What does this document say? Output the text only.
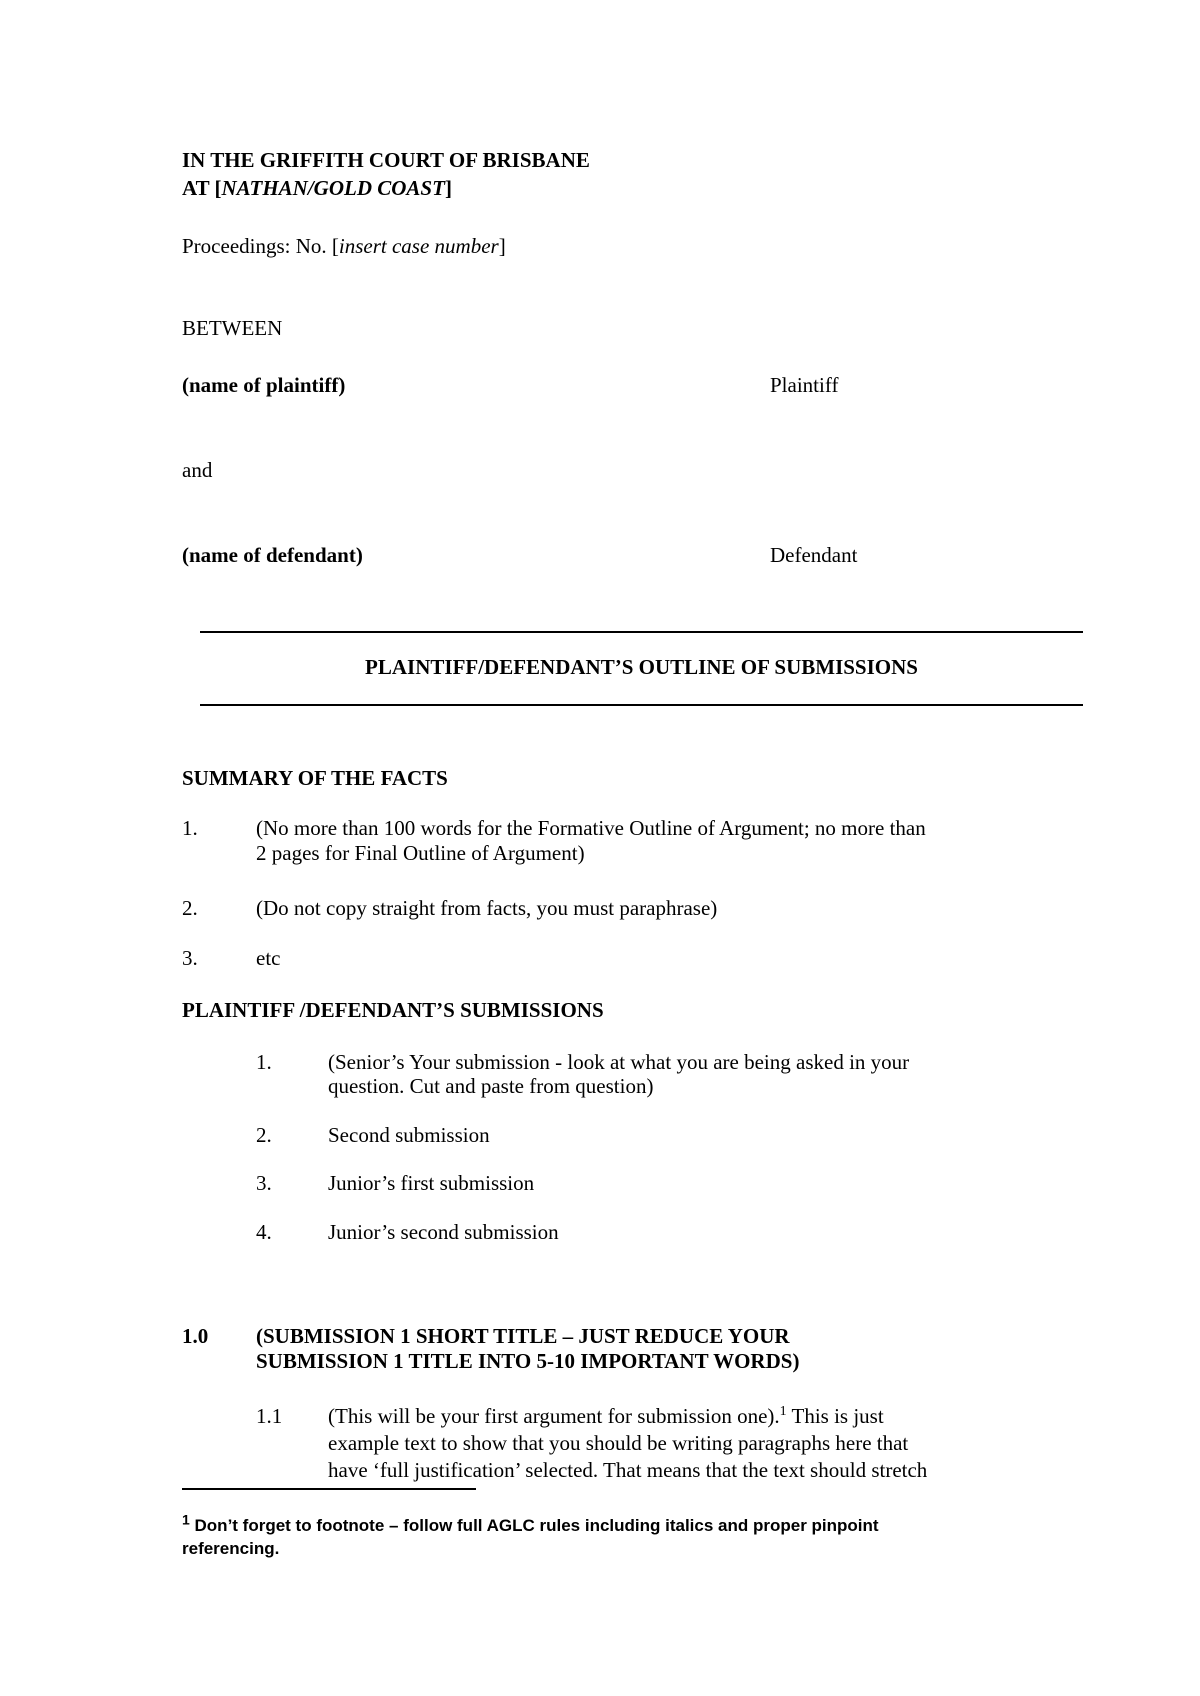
IN THE GRIFFITH COURT OF BRISBANE
AT [NATHAN/GOLD COAST]
Proceedings: No. [insert case number]
BETWEEN
(name of plaintiff)	Plaintiff
and
(name of defendant)	Defendant
PLAINTIFF/DEFENDANT’S OUTLINE OF SUBMISSIONS
SUMMARY OF THE FACTS
1.	(No more than 100 words for the Formative Outline of Argument; no more than
2 pages for Final Outline of Argument)
2.	(Do not copy straight from facts, you must paraphrase)
3.	etc
PLAINTIFF /DEFENDANT’S SUBMISSIONS
1.	(Senior’s Your submission - look at what you are being asked in your
question. Cut and paste from question)
2.	Second submission
3.	Junior’s first submission
4.	Junior’s second submission
1.0 (SUBMISSION 1 SHORT TITLE – JUST REDUCE YOUR
SUBMISSION 1 TITLE INTO 5-10 IMPORTANT WORDS)
1.1 (This will be your first argument for submission one).$^1$ This is just
example text to show that you should be writing paragraphs here that
have ‘full justification’ selected. That means that the text should stretch
$^1$ Don’t forget to footnote – follow full AGLC rules including italics and proper pinpoint
referencing.
